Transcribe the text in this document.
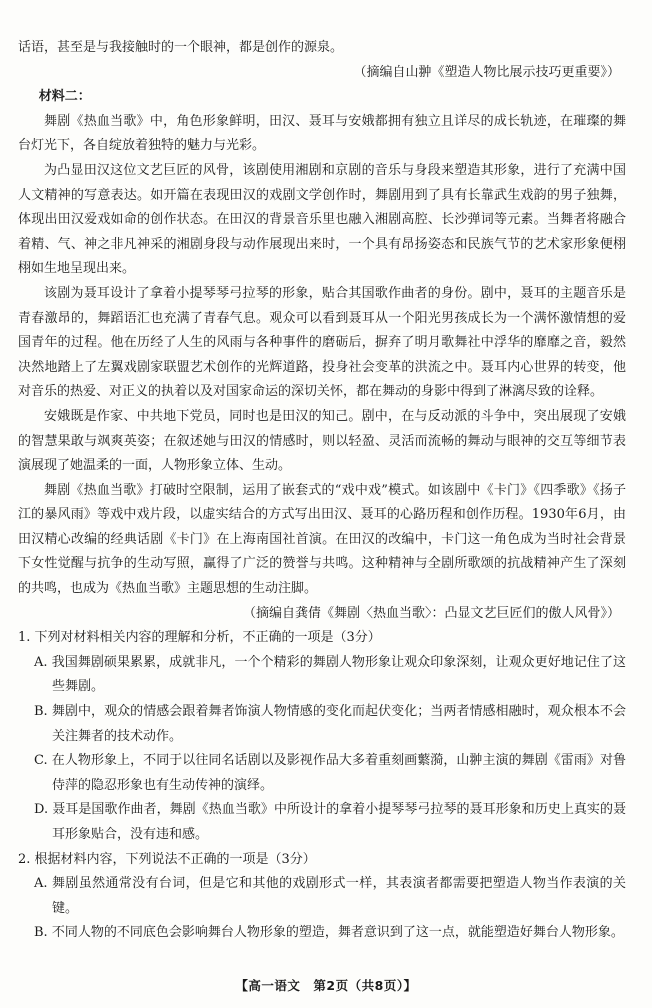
话语，甚至是与我接触时的一个眼神，都是创作的源泉。

（摘编自山翀《塑造人物比展示技巧更重要》）

材料二：

舞剧《热血当歌》中，角色形象鲜明，田汉、聂耳与安娥都拥有独立且详尽的成长轨迹，在璀璨的舞台灯光下，各自绽放着独特的魅力与光彩。

为凸显田汉这位文艺巨匠的风骨，该剧使用湘剧和京剧的音乐与身段来塑造其形象，进行了充满中国人文精神的写意表达。如开篇在表现田汉的戏剧文学创作时，舞剧用到了具有长靠武生戏韵的男子独舞，体现出田汉爱戏如命的创作状态。在田汉的背景音乐里也融入湘剧高腔、长沙弹词等元素。当舞者将融合着精、气、神之非凡神采的湘剧身段与动作展现出来时，一个具有昂扬姿态和民族气节的艺术家形象便栩栩如生地呈现出来。

该剧为聂耳设计了拿着小提琴琴弓拉琴的形象，贴合其国歌作曲者的身份。剧中，聂耳的主题音乐是青春激昂的，舞蹈语汇也充满了青春气息。观众可以看到聂耳从一个阳光男孩成长为一个满怀激情想的爱国青年的过程。他在历经了人生的风雨与各种事件的磨砺后，摒弃了明月歌舞社中浮华的靡靡之音，毅然决然地踏上了左翼戏剧家联盟艺术创作的光辉道路，投身社会变革的洪流之中。聂耳内心世界的转变，他对音乐的热爱、对正义的执着以及对国家命运的深切关怀，都在舞动的身影中得到了淋漓尽致的诠释。

安娥既是作家、中共地下党员，同时也是田汉的知己。剧中，在与反动派的斗争中，突出展现了安娥的智慧果敢与飒爽英姿；在叙述她与田汉的情感时，则以轻盈、灵活而流畅的舞动与眼神的交互等细节表演展现了她温柔的一面，人物形象立体、生动。

舞剧《热血当歌》打破时空限制，运用了嵌套式的“戏中戏”模式。如该剧中《卡门》《四季歌》《扬子江的暴风雨》等戏中戏片段，以虚实结合的方式写出田汉、聂耳的心路历程和创作历程。1930年6月，由田汉精心改编的经典话剧《卡门》在上海南国社首演。在田汉的改编中，卡门这一角色成为当时社会背景下女性觉醒与抗争的生动写照，赢得了广泛的赞誉与共鸣。这种精神与全剧所歌颂的抗战精神产生了深刻的共鸣，也成为《热血当歌》主题思想的生动注脚。

（摘编自龚倩《舞剧〈热血当歌〉：凸显文艺巨匠们的傲人风骨》）

1. 下列对材料相关内容的理解和分析，不正确的一项是（3分）

A. 我国舞剧硕果累累，成就非凡，一个个精彩的舞剧人物形象让观众印象深刻，让观众更好地记住了这些舞剧。

B. 舞剧中，观众的情感会跟着舞者饰演人物情感的变化而起伏变化；当两者情感相融时，观众根本不会关注舞者的技术动作。

C. 在人物形象上，不同于以往同名话剧以及影视作品大多着重刻画蘩漪，山翀主演的舞剧《雷雨》对鲁侍萍的隐忍形象也有生动传神的演绎。

D. 聂耳是国歌作曲者，舞剧《热血当歌》中所设计的拿着小提琴琴弓拉琴的聂耳形象和历史上真实的聂耳形象贴合，没有违和感。

2. 根据材料内容，下列说法不正确的一项是（3分）

A. 舞剧虽然通常没有台词，但是它和其他的戏剧形式一样，其表演者都需要把塑造人物当作表演的关键。

B. 不同人物的不同底色会影响舞台人物形象的塑造，舞者意识到了这一点，就能塑造好舞台人物形象。

【高一语文　第2页（共8页）】
